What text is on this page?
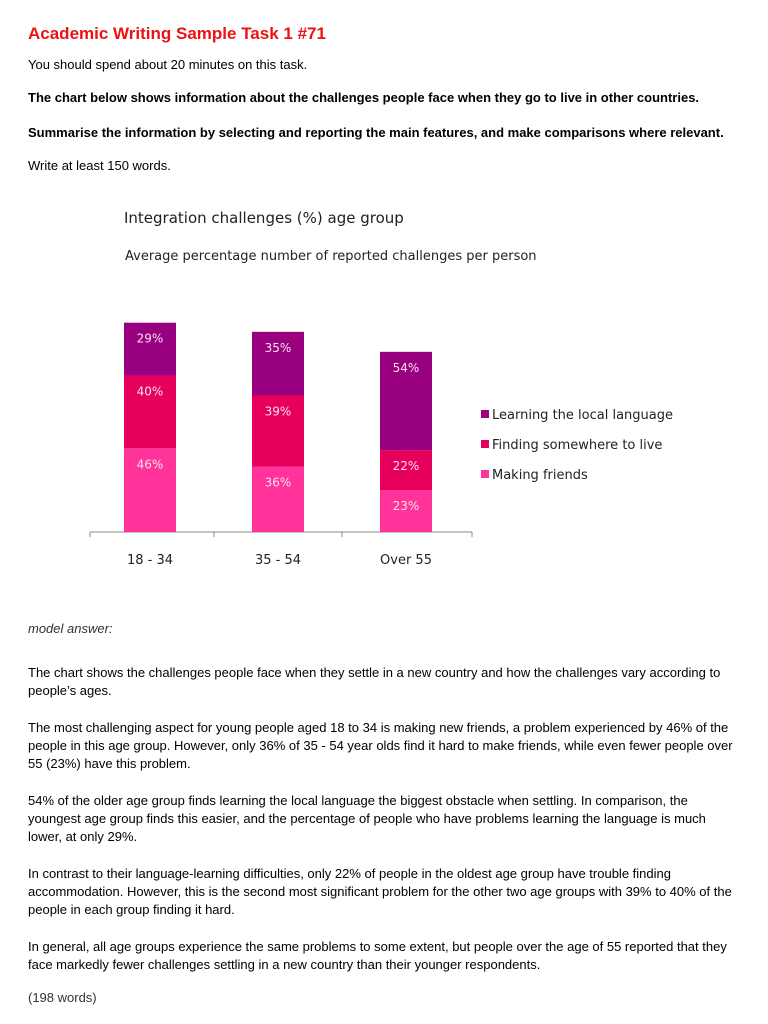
Academic Writing Sample Task 1 #71

You should spend about 20 minutes on this task.

The chart below shows information about the challenges people face when they go to live in other countries.

Summarise the information by selecting and reporting the main features, and make comparisons where relevant.

Write at least 150 words.

Integration challenges (%) age group
Average percentage number of reported challenges per person
46%
40%
29%
36%
39%
35%
23%
22%
54%
18 - 34	35 - 54	Over 55
Learning the local language
Finding somewhere to live
Making friends

model answer:

The chart shows the challenges people face when they settle in a new country and how the challenges vary according to people’s ages.

The most challenging aspect for young people aged 18 to 34 is making new friends, a problem experienced by 46% of the people in this age group. However, only 36% of 35 - 54 year olds find it hard to make friends, while even fewer people over 55 (23%) have this problem.

54% of the older age group finds learning the local language the biggest obstacle when settling. In comparison, the youngest age group finds this easier, and the percentage of people who have problems learning the language is much lower, at only 29%.

In contrast to their language-learning difficulties, only 22% of people in the oldest age group have trouble finding accommodation. However, this is the second most significant problem for the other two age groups with 39% to 40% of the people in each group finding it hard.

In general, all age groups experience the same problems to some extent, but people over the age of 55 reported that they face markedly fewer challenges settling in a new country than their younger respondents.

(198 words)
